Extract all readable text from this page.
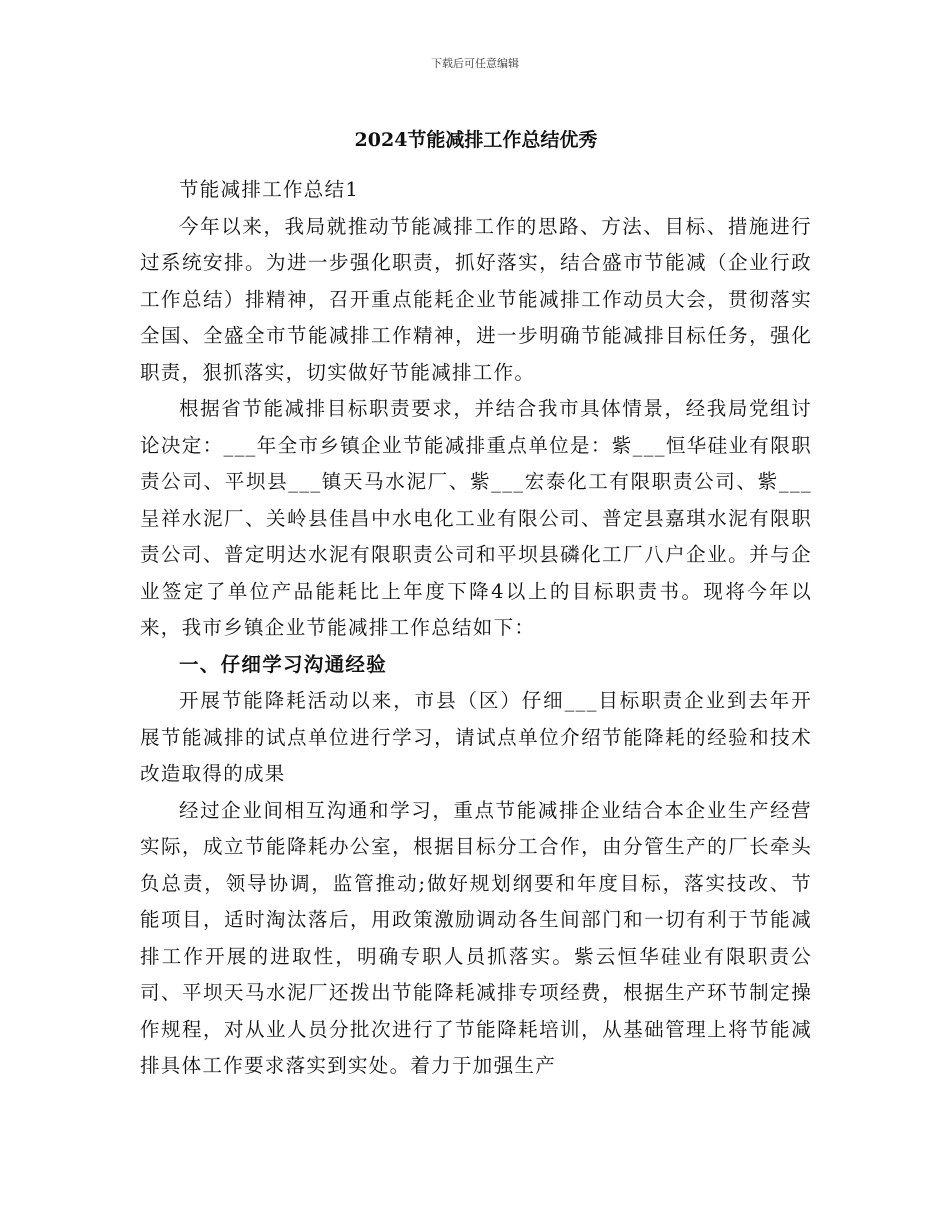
下载后可任意编辑
2024节能减排工作总结优秀

节能减排工作总结1

今年以来，我局就推动节能减排工作的思路、方法、目标、措施进行过系统安排。为进一步强化职责，抓好落实，结合盛市节能减（企业行政工作总结）排精神，召开重点能耗企业节能减排工作动员大会，贯彻落实全国、全盛全市节能减排工作精神，进一步明确节能减排目标任务，强化职责，狠抓落实，切实做好节能减排工作。

根据省节能减排目标职责要求，并结合我市具体情景，经我局党组讨论决定：___年全市乡镇企业节能减排重点单位是：紫___恒华硅业有限职责公司、平坝县___镇天马水泥厂、紫___宏泰化工有限职责公司、紫___呈祥水泥厂、关岭县佳昌中水电化工业有限公司、普定县嘉琪水泥有限职责公司、普定明达水泥有限职责公司和平坝县磷化工厂八户企业。并与企业签定了单位产品能耗比上年度下降4以上的目标职责书。现将今年以来，我市乡镇企业节能减排工作总结如下：

一、仔细学习沟通经验

开展节能降耗活动以来，市县（区）仔细___目标职责企业到去年开展节能减排的试点单位进行学习，请试点单位介绍节能降耗的经验和技术改造取得的成果

经过企业间相互沟通和学习，重点节能减排企业结合本企业生产经营实际，成立节能降耗办公室，根据目标分工合作，由分管生产的厂长牵头负总责，领导协调，监管推动;做好规划纲要和年度目标，落实技改、节能项目，适时淘汰落后，用政策激励调动各生间部门和一切有利于节能减排工作开展的进取性，明确专职人员抓落实。紫云恒华硅业有限职责公司、平坝天马水泥厂还拨出节能降耗减排专项经费，根据生产环节制定操作规程，对从业人员分批次进行了节能降耗培训，从基础管理上将节能减排具体工作要求落实到实处。着力于加强生产
